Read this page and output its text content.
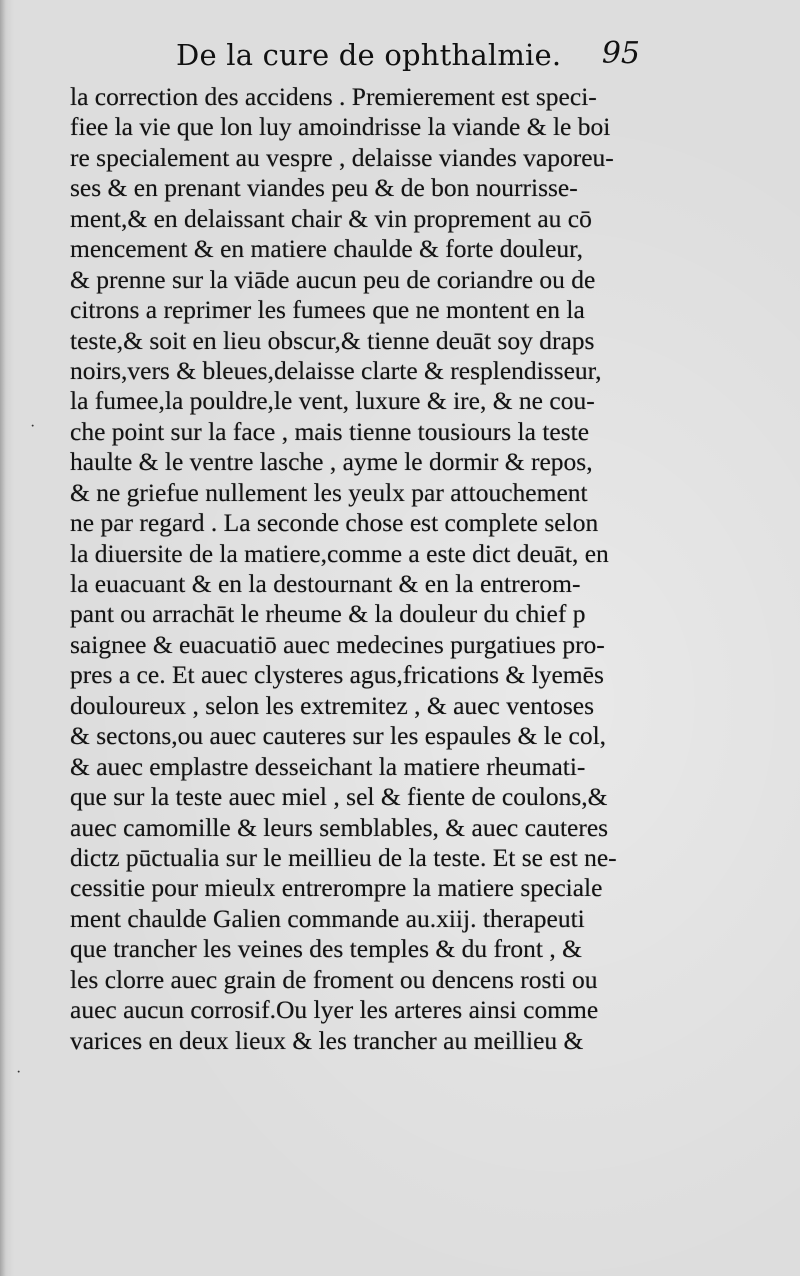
De la cure de ophthalmie. 95
la correction des accidens . Premierement est speci-
fiee la vie que lon luy amoindrisse la viande & le boi
re specialement au vespre , delaisse viandes vaporeu-
ses & en prenant viandes peu & de bon nourrisse-
ment,& en delaissant chair & vin proprement au cō
mencement & en matiere chaulde & forte douleur,
& prenne sur la viāde aucun peu de coriandre ou de
citrons a reprimer les fumees que ne montent en la
teste,& soit en lieu obscur,& tienne deuāt soy draps
noirs,vers & bleues,delaisse clarte & resplendisseur,
la fumee,la pouldre,le vent, luxure & ire, & ne cou-
che point sur la face , mais tienne tousiours la teste
haulte & le ventre lasche , ayme le dormir & repos,
& ne griefue nullement les yeulx par attouchement
ne par regard . La seconde chose est complete selon
la diuersite de la matiere,comme a este dict deuāt, en
la euacuant & en la destournant & en la entrerom-
pant ou arrachāt le rheume & la douleur du chief p
saignee & euacuatiō auec medecines purgatiues pro-
pres a ce. Et auec clysteres agus,frications & lyemēs
douloureux , selon les extremitez , & auec ventoses
& sectons,ou auec cauteres sur les espaules & le col,
& auec emplastre desseichant la matiere rheumati-
que sur la teste auec miel , sel & fiente de coulons,&
auec camomille & leurs semblables, & auec cauteres
dictz pūctualia sur le meillieu de la teste. Et se est ne-
cessitie pour mieulx entrerompre la matiere speciale
ment chaulde Galien commande au.xiij. therapeuti
que trancher les veines des temples & du front , &
les clorre auec grain de froment ou dencens rosti ou
auec aucun corrosif.Ou lyer les arteres ainsi comme
varices en deux lieux & les trancher au meillieu &
·
·
